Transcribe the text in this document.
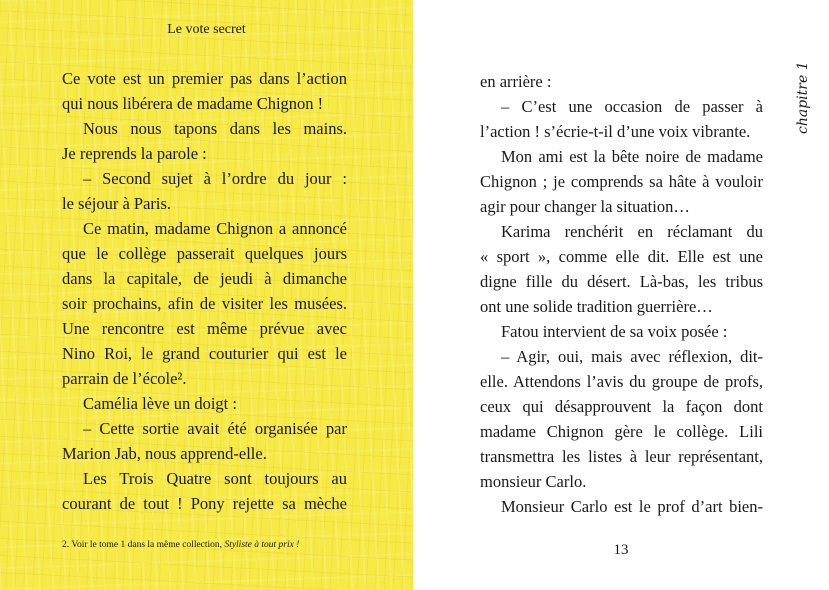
Le vote secret
Ce vote est un premier pas dans l’action
qui nous libérera de madame Chignon !
Nous nous tapons dans les mains.
Je reprends la parole :
– Second sujet à l’ordre du jour :
le séjour à Paris.
Ce matin, madame Chignon a annoncé
que le collège passerait quelques jours
dans la capitale, de jeudi à dimanche
soir prochains, afin de visiter les musées.
Une rencontre est même prévue avec
Nino Roi, le grand couturier qui est le
parrain de l’école².
Camélia lève un doigt :
– Cette sortie avait été organisée par
Marion Jab, nous apprend-elle.
Les Trois Quatre sont toujours au
courant de tout ! Pony rejette sa mèche
2. Voir le tome 1 dans la même collection, Styliste à tout prix !
chapitre 1
en arrière :
– C’est une occasion de passer à
l’action ! s’écrie-t-il d’une voix vibrante.
Mon ami est la bête noire de madame
Chignon ; je comprends sa hâte à vouloir
agir pour changer la situation…
Karima renchérit en réclamant du
« sport », comme elle dit. Elle est une
digne fille du désert. Là-bas, les tribus
ont une solide tradition guerrière…
Fatou intervient de sa voix posée :
– Agir, oui, mais avec réflexion, dit-
elle. Attendons l’avis du groupe de profs,
ceux qui désapprouvent la façon dont
madame Chignon gère le collège. Lili
transmettra les listes à leur représentant,
monsieur Carlo.
Monsieur Carlo est le prof d’art bien-
13
